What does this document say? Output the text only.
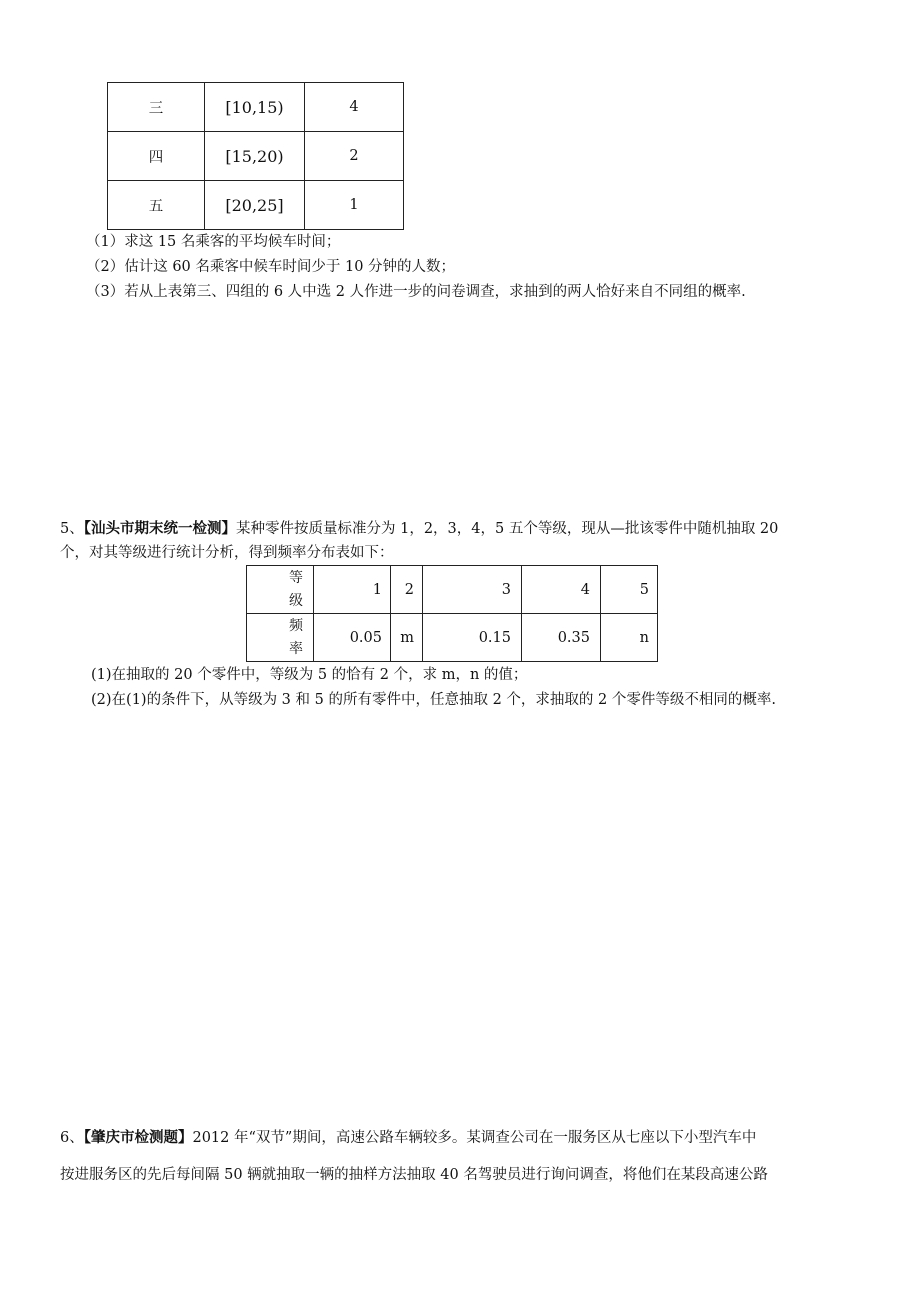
三	[10,15)	4
四	[15,20)	2
五	[20,25]	1
（1）求这 15 名乘客的平均候车时间；
（2）估计这 60 名乘客中候车时间少于 10 分钟的人数；
（3）若从上表第三、四组的 6 人中选 2 人作进一步的问卷调查，求抽到的两人恰好来自不同组的概率.
5、【汕头市期末统一检测】某种零件按质量标准分为 1，2，3，4，5 五个等级，现从—批该零件中随机抽取 20
个，对其等级进行统计分析，得到频率分布表如下：
等
级	1	2	3	4	5

频
率	0.05	m	0.15	0.35	n
(1)在抽取的 20 个零件中，等级为 5 的恰有 2 个，求 m，n 的值；
(2)在(1)的条件下，从等级为 3 和 5 的所有零件中，任意抽取 2 个，求抽取的 2 个零件等级不相同的概率.
6、【肇庆市检测题】2012 年“双节”期间，高速公路车辆较多。某调查公司在一服务区从七座以下小型汽车中
按进服务区的先后每间隔 50 辆就抽取一辆的抽样方法抽取 40 名驾驶员进行询问调查，将他们在某段高速公路
